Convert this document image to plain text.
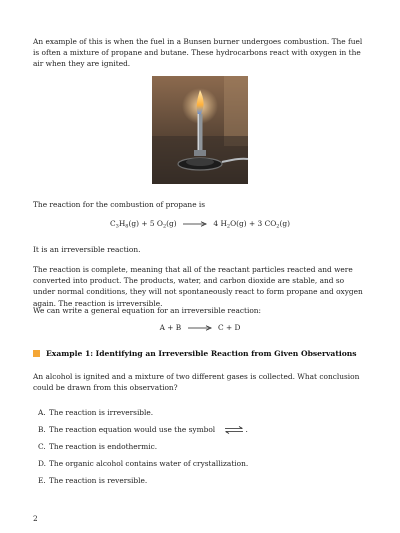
An example of this is when the fuel in a Bunsen burner undergoes combustion. The fuel is often a mixture of propane and butane. These hydrocarbons react with oxygen in the air when they are ignited.

The reaction for the combustion of propane is

$C_3H_8(g) + 5$ $O_2(g) \to 4$ $H_2O(g) + 3$ $CO_2(g)$

It is an irreversible reaction.

The reaction is complete, meaning that all of the reactant particles reacted and were converted into product. The products, water, and carbon dioxide are stable, and so under normal conditions, they will not spontaneously react to form propane and oxygen again. The reaction is irreversible.

We can write a general equation for an irreversible reaction:

A + B → C + D
Example 1: Identifying an Irreversible Reaction from Given Observations

An alcohol is ignited and a mixture of two different gases is collected. What conclusion could be drawn from this observation?

A. The reaction is irreversible.
B. The reaction equation would use the symbol ⇌ .
C. The reaction is endothermic.
D. The organic alcohol contains water of crystallization.
E. The reaction is reversible.
2
